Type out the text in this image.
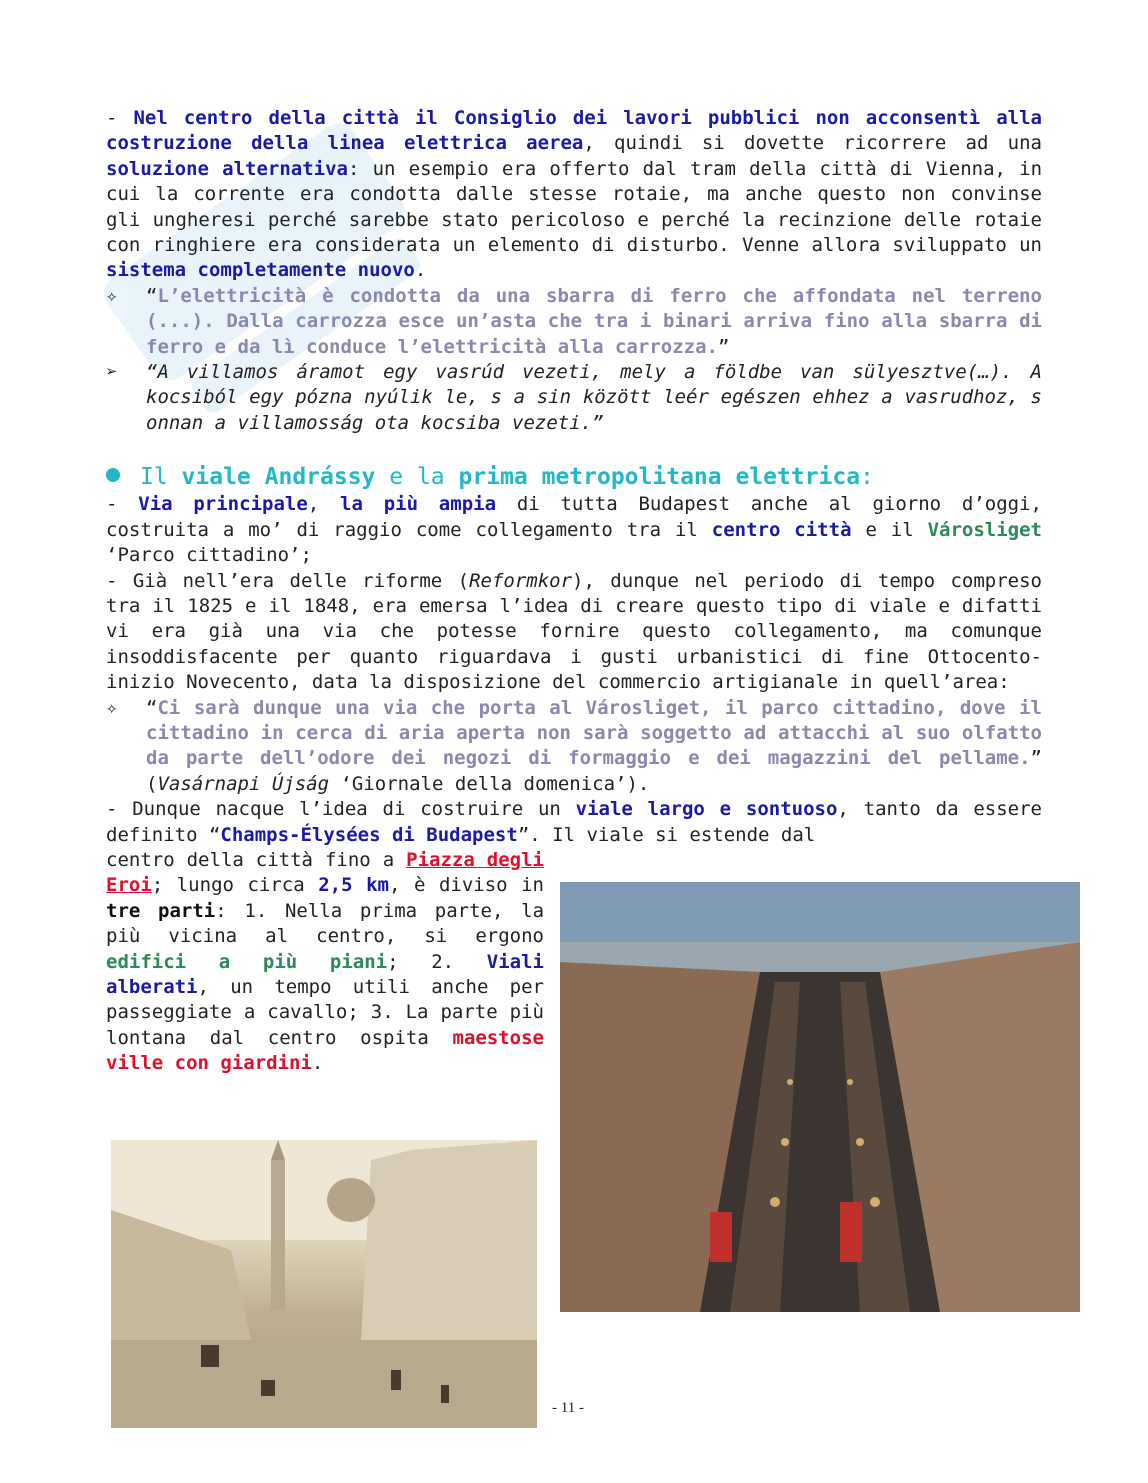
- Nel centro della città il Consiglio dei lavori pubblici non acconsentì alla costruzione della linea elettrica aerea, quindi si dovette ricorrere ad una soluzione alternativa: un esempio era offerto dal tram della città di Vienna, in cui la corrente era condotta dalle stesse rotaie, ma anche questo non convinse gli ungheresi perché sarebbe stato pericoloso e perché la recinzione delle rotaie con ringhiere era considerata un elemento di disturbo. Venne allora sviluppato un sistema completamente nuovo.

✧	“L’elettricità è condotta da una sbarra di ferro che affondata nel terreno (...). Dalla carrozza esce un’asta che tra i binari arriva fino alla sbarra di ferro e da lì conduce l’elettricità alla carrozza.”

➢	“A villamos áramot egy vasrúd vezeti, mely a földbe van sülyesztve(…). A kocsiból egy pózna nyúlik le, s a sin között leér egészen ehhez a vasrudhoz, s onnan a villamosság ota kocsiba vezeti.”

Il viale Andrássy e la prima metropolitana elettrica:

- Via principale, la più ampia di tutta Budapest anche al giorno d’oggi, costruita a mo’ di raggio come collegamento tra il centro città e il Városliget ‘Parco cittadino’;

- Già nell’era delle riforme (Reformkor), dunque nel periodo di tempo compreso tra il 1825 e il 1848, era emersa l’idea di creare questo tipo di viale e difatti vi era già una via che potesse fornire questo collegamento, ma comunque insoddisfacente per quanto riguardava i gusti urbanistici di fine Ottocento-inizio Novecento, data la disposizione del commercio artigianale in quell’area:

✧	“Ci sarà dunque una via che porta al Városliget, il parco cittadino, dove il cittadino in cerca di aria aperta non sarà soggetto ad attacchi al suo olfatto da parte dell’odore dei negozi di formaggio e dei magazzini del pellame.” (Vasárnapi Újság ‘Giornale della domenica’).

- Dunque nacque l’idea di costruire un viale largo e sontuoso, tanto da essere definito “Champs-Élysées di Budapest”. Il viale si estende dal

centro della città fino a Piazza degli Eroi; lungo circa 2,5 km, è diviso in tre parti: 1. Nella prima parte, la più vicina al centro, si ergono edifici a più piani; 2. Viali alberati, un tempo utili anche per passeggiate a cavallo; 3. La parte più lontana dal centro ospita maestose ville con giardini.

- 11 -
